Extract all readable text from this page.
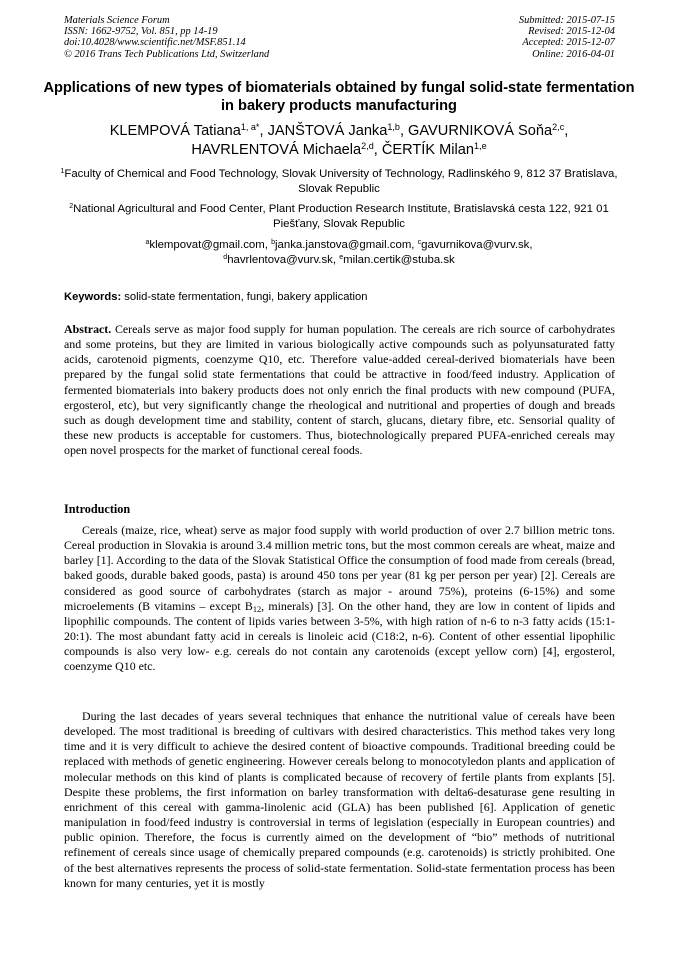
Materials Science Forum
ISSN: 1662-9752, Vol. 851, pp 14-19
doi:10.4028/www.scientific.net/MSF.851.14
© 2016 Trans Tech Publications Ltd, Switzerland
Submitted: 2015-07-15
Revised: 2015-12-04
Accepted: 2015-12-07
Online: 2016-04-01
Applications of new types of biomaterials obtained by fungal solid-state fermentation in bakery products manufacturing
KLEMPOVÁ Tatiana$^{1, a*}$, JANŠTOVÁ Janka$^{1,b}$, GAVURNIKOVÁ Soňa$^{2,c}$,
HAVRLENTOVÁ Michaela$^{2,d}$, ČERTÍK Milan$^{1,e}$
$^1$Faculty of Chemical and Food Technology, Slovak University of Technology, Radlinského 9, 812 37 Bratislava, Slovak Republic
$^2$National Agricultural and Food Center, Plant Production Research Institute, Bratislavská cesta 122, 921 01 Piešťany, Slovak Republic
$^a$klempovat@gmail.com, $^b$janka.janstova@gmail.com, $^c$gavurnikova@vurv.sk,
$^d$havrlentova@vurv.sk, $^e$milan.certik@stuba.sk
Keywords: solid-state fermentation, fungi, bakery application
Abstract. Cereals serve as major food supply for human population. The cereals are rich source of carbohydrates and some proteins, but they are limited in various biologically active compounds such as polyunsaturated fatty acids, carotenoid pigments, coenzyme Q10, etc. Therefore value-added cereal-derived biomaterials have been prepared by the fungal solid state fermentations that could be attractive in food/feed industry. Application of fermented biomaterials into bakery products does not only enrich the final products with new compound (PUFA, ergosterol, etc), but very significantly change the rheological and nutritional and properties of dough and breads such as dough development time and stability, content of starch, glucans, dietary fibre, etc. Sensorial quality of these new products is acceptable for customers. Thus, biotechnologically prepared PUFA-enriched cereals may open novel prospects for the market of functional cereal foods.
Introduction
Cereals (maize, rice, wheat) serve as major food supply with world production of over 2.7 billion metric tons. Cereal production in Slovakia is around 3.4 million metric tons, but the most common cereals are wheat, maize and barley [1]. According to the data of the Slovak Statistical Office the consumption of food made from cereals (bread, baked goods, durable baked goods, pasta) is around 450 tons per year (81 kg per person per year) [2]. Cereals are considered as good source of carbohydrates (starch as major - around 75%), proteins (6-15%) and some microelements (B vitamins – except $B_{12}$, minerals) [3]. On the other hand, they are low in content of lipids and lipophilic compounds. The content of lipids varies between 3-5%, with high ration of n-6 to n-3 fatty acids (15:1-20:1). The most abundant fatty acid in cereals is linoleic acid (C18:2, n-6). Content of other essential lipophilic compounds is also very low- e.g. cereals do not contain any carotenoids (except yellow corn) [4], ergosterol, coenzyme Q10 etc.
During the last decades of years several techniques that enhance the nutritional value of cereals have been developed. The most traditional is breeding of cultivars with desired characteristics. This method takes very long time and it is very difficult to achieve the desired content of bioactive compounds. Traditional breeding could be replaced with methods of genetic engineering. However cereals belong to monocotyledon plants and application of molecular methods on this kind of plants is complicated because of recovery of fertile plants from explants [5]. Despite these problems, the first information on barley transformation with delta6-desaturase gene resulting in enrichment of this cereal with gamma-linolenic acid (GLA) has been published [6]. Application of genetic manipulation in food/feed industry is controversial in terms of legislation (especially in European countries) and public opinion. Therefore, the focus is currently aimed on the development of “bio” methods of nutritional refinement of cereals since usage of chemically prepared compounds (e.g. carotenoids) is strictly prohibited. One of the best alternatives represents the process of solid-state fermentation. Solid-state fermentation process has been known for many centuries, yet it is mostly
